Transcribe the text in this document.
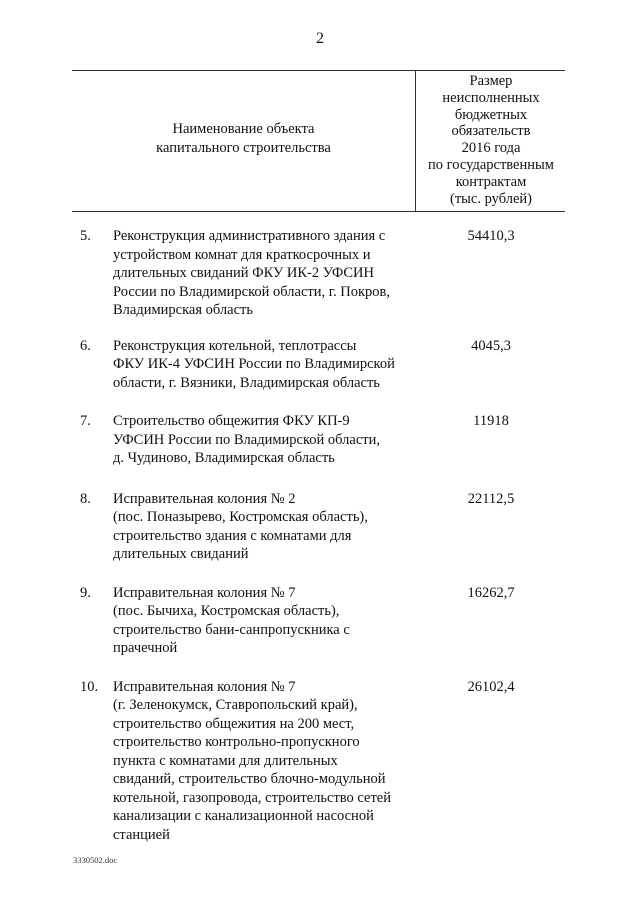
2
Наименование объекта
капитального строительства
Размер
неисполненных
бюджетных
обязательств
2016 года
по государственным
контрактам
(тыс. рублей)
5. Реконструкция административного здания с
устройством комнат для краткосрочных и
длительных свиданий ФКУ ИК-2 УФСИН
России по Владимирской области, г. Покров,
Владимирская область
54410,3
6. Реконструкция котельной, теплотрассы
ФКУ ИК-4 УФСИН России по Владимирской
области, г. Вязники, Владимирская область
4045,3
7. Строительство общежития ФКУ КП-9
УФСИН России по Владимирской области,
д. Чудиново, Владимирская область
11918
8. Исправительная колония № 2
(пос. Поназырево, Костромская область),
строительство здания с комнатами для
длительных свиданий
22112,5
9. Исправительная колония № 7
(пос. Бычиха, Костромская область),
строительство бани-санпропускника с
прачечной
16262,7
10. Исправительная колония № 7
(г. Зеленокумск, Ставропольский край),
строительство общежития на 200 мест,
строительство контрольно-пропускного
пункта с комнатами для длительных
свиданий, строительство блочно-модульной
котельной, газопровода, строительство сетей
канализации с канализационной насосной
станцией
26102,4
3330502.doc
